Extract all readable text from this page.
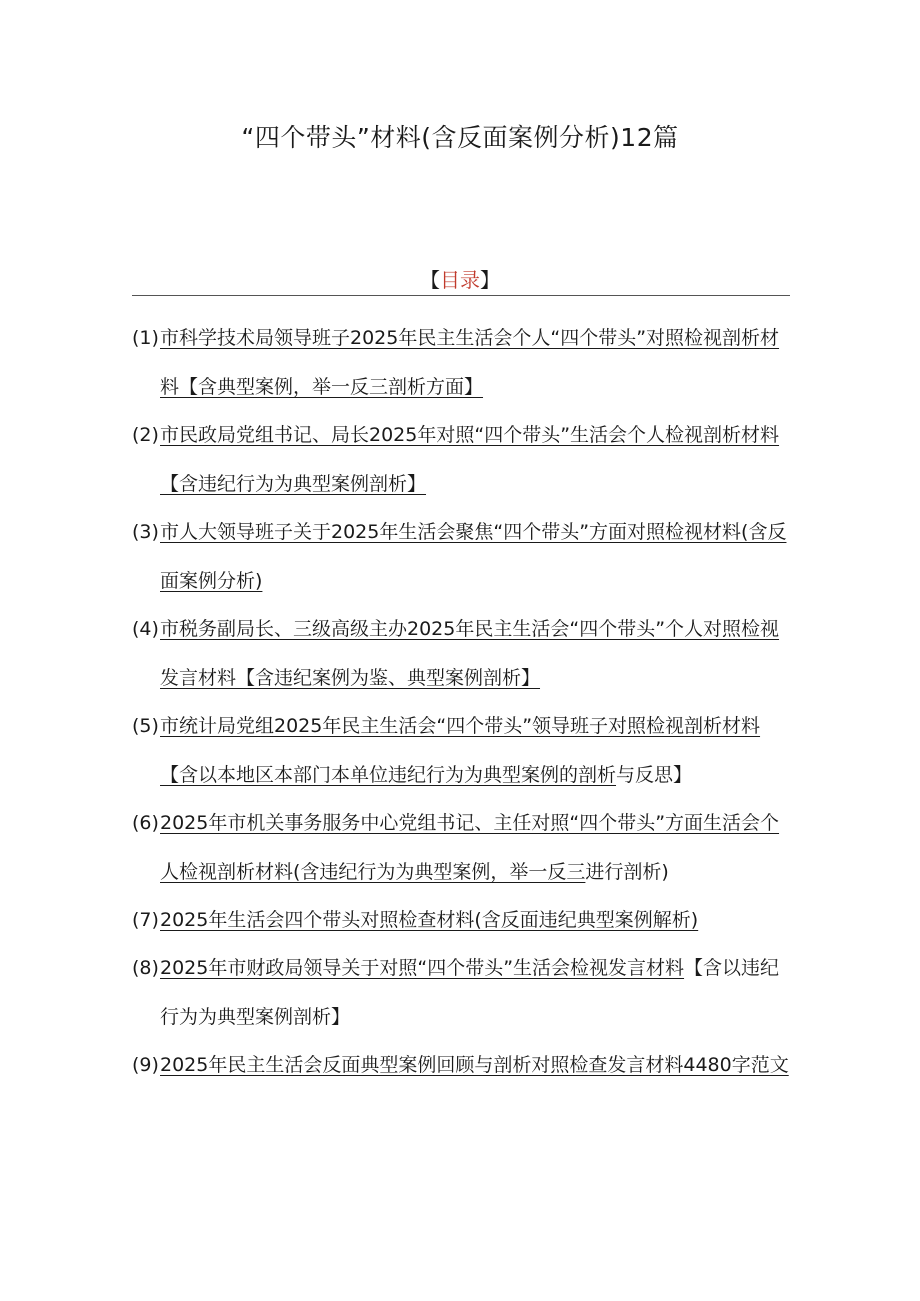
“四个带头”材料(含反面案例分析)12篇
【目录】
(1) 市科学技术局领导班子2025年民主生活会个人“四个带头”对照检视剖析材料【含典型案例，举一反三剖析方面】
(2) 市民政局党组书记、局长2025年对照“四个带头”生活会个人检视剖析材料【含违纪行为为典型案例剖析】
(3) 市人大领导班子关于2025年生活会聚焦“四个带头”方面对照检视材料(含反面案例分析)
(4) 市税务副局长、三级高级主办2025年民主生活会“四个带头”个人对照检视发言材料【含违纪案例为鉴、典型案例剖析】
(5) 市统计局党组2025年民主生活会“四个带头”领导班子对照检视剖析材料【含以本地区本部门本单位违纪行为为典型案例的剖析与反思】
(6) 2025年市机关事务服务中心党组书记、主任对照“四个带头”方面生活会个人检视剖析材料(含违纪行为为典型案例，举一反三进行剖析)
(7) 2025年生活会四个带头对照检查材料(含反面违纪典型案例解析)
(8) 2025年市财政局领导关于对照“四个带头”生活会检视发言材料【含以违纪行为为典型案例剖析】
(9) 2025年民主生活会反面典型案例回顾与剖析对照检查发言材料4480字范文
